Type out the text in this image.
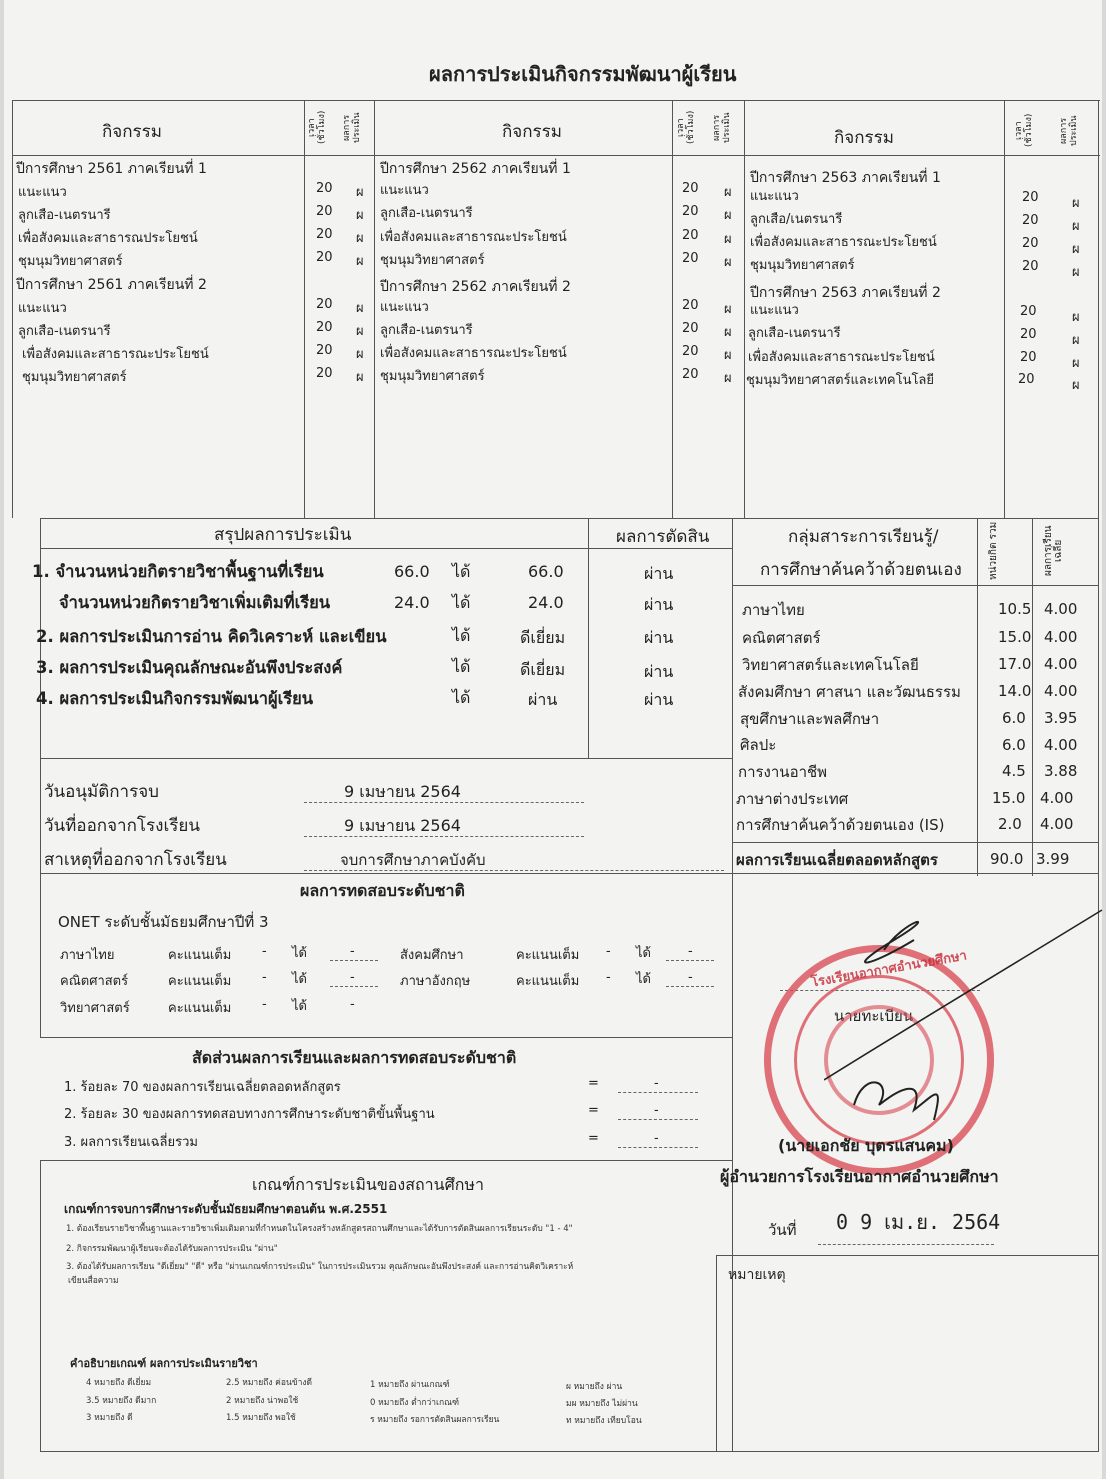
ผลการประเมินกิจกรรมพัฒนาผู้เรียน
กิจกรรม	เวลา (ชั่วโมง) ผลการประเมิน	กิจกรรม	เวลา (ชั่วโมง) ผลการประเมิน	กิจกรรม	เวลา (ชั่วโมง)	ผลการประเมิน
ปีการศึกษา 2561 ภาคเรียนที่ 1
แนะแนว	20 ผ
ลูกเสือ-เนตรนารี	20 ผ
เพื่อสังคมและสาธารณประโยชน์	20 ผ
ชุมนุมวิทยาศาสตร์	20 ผ
ปีการศึกษา 2561 ภาคเรียนที่ 2
แนะแนว	20 ผ
ลูกเสือ-เนตรนารี	20 ผ
เพื่อสังคมและสาธารณะประโยชน์	20 ผ
ชุมนุมวิทยาศาสตร์	20 ผ
ปีการศึกษา 2562 ภาคเรียนที่ 1
แนะแนว	20 ผ
ลูกเสือ-เนตรนารี	20 ผ
เพื่อสังคมและสาธารณะประโยชน์	20 ผ
ชุมนุมวิทยาศาสตร์	20 ผ
ปีการศึกษา 2562 ภาคเรียนที่ 2
แนะแนว	20 ผ
ลูกเสือ-เนตรนารี	20 ผ
เพื่อสังคมและสาธารณะประโยชน์	20 ผ
ชุมนุมวิทยาศาสตร์	20 ผ
ปีการศึกษา 2563 ภาคเรียนที่ 1
แนะแนว	20	ผ
ลูกเสือ/เนตรนารี	20	ผ
เพื่อสังคมและสาธารณะประโยชน์	20	ผ
ชุมนุมวิทยาศาสตร์	20	ผ
ปีการศึกษา 2563 ภาคเรียนที่ 2
แนะแนว	20	ผ
ลูกเสือ-เนตรนารี	20	ผ
เพื่อสังคมและสาธารณะประโยชน์	20	ผ
ชุมนุมวิทยาศาสตร์และเทคโนโลยี	20	ผ
สรุปผลการประเมิน	ผลการตัดสิน
1. จำนวนหน่วยกิตรายวิชาพื้นฐานที่เรียน	66.0 ได้	66.0	ผ่าน
จำนวนหน่วยกิตรายวิชาเพิ่มเติมที่เรียน	24.0 ได้	24.0	ผ่าน
2. ผลการประเมินการอ่าน คิดวิเคราะห์ และเขียน	ได้	ดีเยี่ยม	ผ่าน
3. ผลการประเมินคุณลักษณะอันพึงประสงค์	ได้	ดีเยี่ยม	ผ่าน
4. ผลการประเมินกิจกรรมพัฒนาผู้เรียน	ได้	ผ่าน	ผ่าน
กลุ่มสาระการเรียนรู้/
การศึกษาค้นคว้าด้วยตนเอง	หน่วยกิต รวม	ผลการเรียน เฉลี่ย
ภาษาไทย	10.5 4.00
คณิตศาสตร์	15.0 4.00
วิทยาศาสตร์และเทคโนโลยี	17.0 4.00
สังคมศึกษา ศาสนา และวัฒนธรรม 14.0 4.00
สุขศึกษาและพลศึกษา	6.0 3.95
ศิลปะ	6.0 4.00
การงานอาชีพ	4.5 3.88
ภาษาต่างประเทศ	15.0 4.00
การศึกษาค้นคว้าด้วยตนเอง (IS)	2.0 4.00
ผลการเรียนเฉลี่ยตลอดหลักสูตร	90.0 3.99
วันอนุมัติการจบ	9 เมษายน 2564
วันที่ออกจากโรงเรียน	9 เมษายน 2564
สาเหตุที่ออกจากโรงเรียน	จบการศึกษาภาคบังคับ
ผลการทดสอบระดับชาติ
ONET ระดับชั้นมัธยมศึกษาปีที่ 3
ภาษาไทย	คะแนนเต็ม - ได้	-
คณิตศาสตร์	คะแนนเต็ม - ได้	-
วิทยาศาสตร์	คะแนนเต็ม - ได้	-
สังคมศึกษา	คะแนนเต็ม - ได้	-
ภาษาอังกฤษ	คะแนนเต็ม - ได้	-
สัดส่วนผลการเรียนและผลการทดสอบระดับชาติ
1. ร้อยละ 70 ของผลการเรียนเฉลี่ยตลอดหลักสูตร	=	-
2. ร้อยละ 30 ของผลการทดสอบทางการศึกษาระดับชาติขั้นพื้นฐาน	=	-
3. ผลการเรียนเฉลี่ยรวม	=	-
เกณฑ์การประเมินของสถานศึกษา
เกณฑ์การจบการศึกษาระดับชั้นมัธยมศึกษาตอนต้น พ.ศ.2551
1. ต้องเรียนรายวิชาพื้นฐานและรายวิชาเพิ่มเติมตามที่กำหนดในโครงสร้างหลักสูตรสถานศึกษาและได้รับการตัดสินผลการเรียนระดับ "1 - 4"
2. กิจกรรมพัฒนาผู้เรียนจะต้องได้รับผลการประเมิน "ผ่าน"
3. ต้องได้รับผลการเรียน "ดีเยี่ยม" "ดี" หรือ "ผ่านเกณฑ์การประเมิน" ในการประเมินรวม คุณลักษณะอันพึงประสงค์ และการอ่านคิดวิเคราะห์
เขียนสื่อความ
คำอธิบายเกณฑ์ ผลการประเมินรายวิชา
4 หมายถึง ดีเยี่ยม
3.5 หมายถึง ดีมาก
3 หมายถึง ดี
2.5 หมายถึง ค่อนข้างดี
2 หมายถึง น่าพอใช้
1.5 หมายถึง พอใช้
1 หมายถึง ผ่านเกณฑ์
0 หมายถึง ต่ำกว่าเกณฑ์
ร หมายถึง รอการตัดสินผลการเรียน
ผ หมายถึง ผ่าน
มผ หมายถึง ไม่ผ่าน
ท หมายถึง เทียบโอน
นายทะเบียน
โรงเรียนอากาศอำนวยศึกษา
(นายเอกชัย บุตรแสนคม)
ผู้อำนวยการโรงเรียนอากาศอำนวยศึกษา
วันที่ 0 9 เม.ย. 2564
หมายเหตุ
